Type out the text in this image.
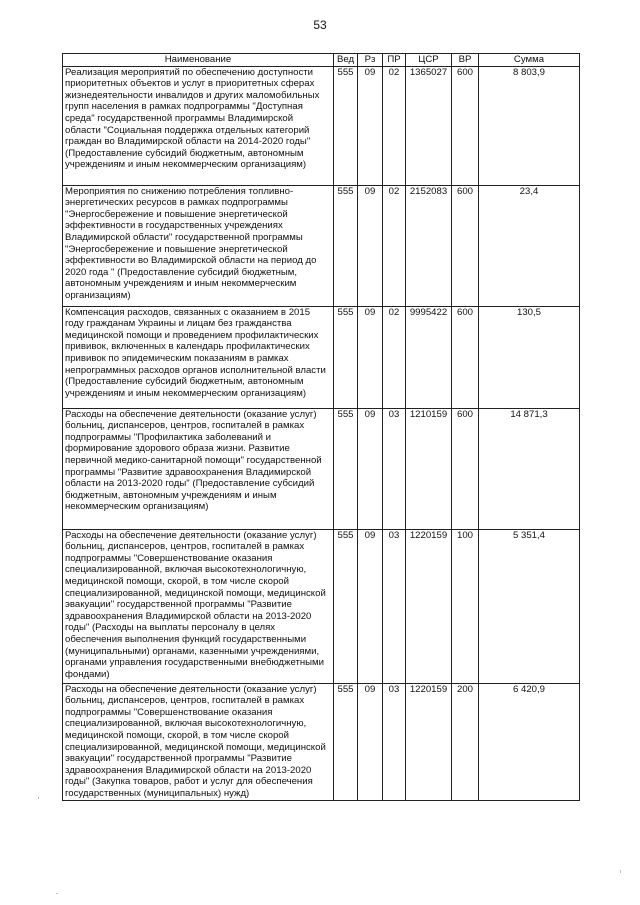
53
Наименование	Вед	Рз	ПР	ЦСР	ВР	Сумма
Реализация мероприятий по обеспечению доступности приоритетных объектов и услуг в приоритетных сферах жизнедеятельности инвалидов и других маломобильных групп населения в рамках подпрограммы "Доступная среда" государственной программы Владимирской области "Социальная поддержка отдельных категорий граждан во Владимирской области на 2014-2020 годы" (Предоставление субсидий бюджетным, автономным учреждениям и иным некоммерческим организациям)	555	09	02	1365027	600	8 803,9
Мероприятия по снижению потребления топливно-энергетических ресурсов в рамках подпрограммы "Энергосбережение и повышение энергетической эффективности в государственных учреждениях Владимирской области" государственной программы "Энергосбережение и повышение энергетической эффективности во Владимирской области на период до 2020 года " (Предоставление субсидий бюджетным, автономным учреждениям и иным некоммерческим организациям)	555	09	02	2152083	600	23,4
Компенсация расходов, связанных с оказанием в 2015 году гражданам Украины и лицам без гражданства медицинской помощи и проведением профилактических прививок, включенных в календарь профилактических прививок по эпидемическим показаниям в рамках непрограммных расходов органов исполнительной власти (Предоставление субсидий бюджетным, автономным учреждениям и иным некоммерческим организациям)	555	09	02	9995422	600	130,5
Расходы на обеспечение деятельности (оказание услуг) больниц, диспансеров, центров, госпиталей в рамках подпрограммы "Профилактика заболеваний и формирование здорового образа жизни. Развитие первичной медико-санитарной помощи" государственной программы "Развитие здравоохранения Владимирской области на 2013-2020 годы" (Предоставление субсидий бюджетным, автономным учреждениям и иным некоммерческим организациям)	555	09	03	1210159	600	14 871,3
Расходы на обеспечение деятельности (оказание услуг) больниц, диспансеров, центров, госпиталей в рамках подпрограммы "Совершенствование оказания специализированной, включая высокотехнологичную, медицинской помощи, скорой, в том числе скорой специализированной, медицинской помощи, медицинской эвакуации" государственной программы "Развитие здравоохранения Владимирской области на 2013-2020 годы" (Расходы на выплаты персоналу в целях обеспечения выполнения функций государственными (муниципальными) органами, казенными учреждениями, органами управления государственными внебюджетными фондами)	555	09	03	1220159	100	5 351,4
Расходы на обеспечение деятельности (оказание услуг) больниц, диспансеров, центров, госпиталей в рамках подпрограммы "Совершенствование оказания специализированной, включая высокотехнологичную, медицинской помощи, скорой, в том числе скорой специализированной, медицинской помощи, медицинской эвакуации" государственной программы "Развитие здравоохранения Владимирской области на 2013-2020 годы" (Закупка товаров, работ и услуг для обеспечения государственных (муниципальных) нужд)	555	09	03	1220159	200	6 420,9
